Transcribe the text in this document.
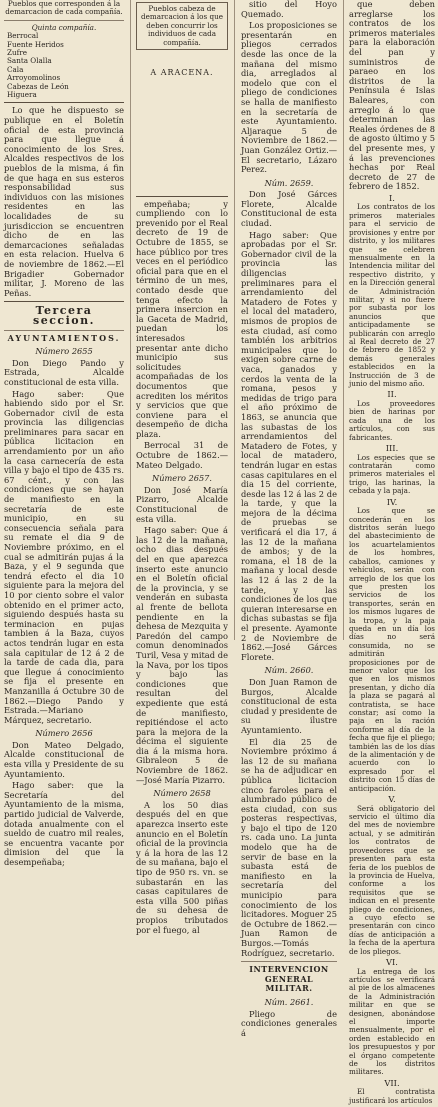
Pueblos que corresponden á la demarcacion de cada compañía.
Quinta compañía.
Berrocal
Fuente Heridos
Zufre
Santa Olalla
Cala
Arroyomolinos
Cabezas de León
Higuera

Lo que he dispuesto se publique en el Boletín oficial de esta provincia para que llegue á conocimiento de los Sres. Alcaldes respectivos de los pueblos de la misma, á fin de que haga en sus esteros responsabilidad sus individuos con las misiones residentes en las localidades de su jurisdiccion se encuentren dicho de en las demarcaciones señaladas en esta relacion. Huelva 6 de noviembre de 1862.—El Brigadier Gobernador militar, J. Moreno de las Peñas.

Tercera seccion.
AYUNTAMIENTOS.
Número 2655

Don Diego Pando y Estrada, Alcalde constitucional de esta villa.

Hago saber: Que habiendo sido por el Sr. Gobernador civil de esta provincia las diligencias preliminares para sacar en pública licitacion en arrendamiento por un año la casa carnecería de esta villa y bajo el tipo de 435 rs. 67 cént., y con las condiciones que se hayan de manifiesto en la secretaría de este municipio, en su consecuencia señala para su remate el dia 9 de Noviembre próximo, en el cual se admitirán pujas á la Baza, y el 9 segunda que tendrá efecto el dia 10 siguiente para la mejora del 10 por ciento sobre el valor obtenido en el primer acto, siguiendo después hasta su terminacion en pujas tambien á la Baza, cuyos actos tendrán lugar en esta sala capitular de 12 á 2 de la tarde de cada dia, para que llegue á conocimiento se fija el presente en Manzanilla á Octubre 30 de 1862.—Diego Pando y Estrada.—Mariano Márquez, secretario.

Número 2656

Don Mateo Delgado, Alcalde constitucional de esta villa y Presidente de su Ayuntamiento.

Hago saber: que la Secretaría del Ayuntamiento de la misma, partido judicial de Valverde, dotada anualmente con el sueldo de cuatro mil reales, se encuentra vacante por dimision del que la desempeñaba;

Pueblos cabeza de demarcacion á los que deben concurrir los individuos de cada compañía.
A ARACENA.

empeñaba; y cumpliendo con lo prevenido por el Real decreto de 19 de Octubre de 1855, se hace público por tres veces en el periódico oficial para que en el término de un mes, contado desde que tenga efecto la primera insercion en la Gaceta de Madrid, puedan los interesados presentar ante dicho municipio sus solicitudes acompañadas de los documentos que acrediten los méritos y servicios que que conviene para el desempeño de dicha plaza.

Berrocal 31 de Octubre de 1862.—Mateo Delgado.

Número 2657.

Don José María Pizarro, Alcalde Constitucional de esta villa.

Hago saber: Que á las 12 de la mañana, ocho dias después del en que aparezca inserto este anuncio en el Boletín oficial de la provincia, y se venderán en subasta al frente de bellota pendiente en la dehesa de Mezquita y Paredón del campo comun denominados Turil, Vesa y mitad de la Nava, por los tipos y bajo las condiciones que resultan del expediente que está de manifiesto, repitiéndose el acto para la mejora de la décima el siguiente dia á la misma hora. Gibraleon 5 de Noviembre de 1862.—José María Pizarro.

Número 2658

A los 50 dias después del en que aparezca inserto este anuncio en el Boletín oficial de la provincia y á la hora de las 12 de su mañana, bajo el tipo de 950 rs. vn. se subastarán en las casas capitulares de esta villa 500 piñas de su dehesa de propios tributados por el fuego, al

sitio del Hoyo Quemado.

Los proposiciones se presentarán en pliegos cerrados desde las once de la mañana del mismo dia, arreglados al modelo que con el pliego de condiciones se halla de manifiesto en la secretaría de este Ayuntamiento. Aljaraque 5 de Noviembre de 1862.—Juan González Ortiz.—El secretario, Lázaro Perez.

Núm. 2659.

Don José Gárces Florete, Alcalde Constitucional de esta ciudad.

Hago saber: Que aprobadas por el Sr. Gobernador civil de la provincia las diligencias preliminares para el arrendamiento del Matadero de Fotes y el local del matadero, mismos de propios de esta ciudad, así como también los arbitrios municipales que lo exigen sobre carne de vaca, ganados y cerdos la venta de la romana, pesos y medidas de trigo para el año próximo de 1863, se anuncia que las subastas de los arrendamientos del Matadero de Fotes, y local de matadero, tendrán lugar en estas casas capitulares en el dia 15 del corriente, desde las 12 á las 2 de la tarde, y que la mejora de la décima de pruebas se verificará el dia 17, á las 12 de la mañana de ambos; y de la romana, el 18 de la mañana y local desde las 12 á las 2 de la tarde, y las condiciones de los que quieran interesarse en dichas subastas se fija el presente. Ayamonte 2 de Noviembre de 1862.—José Gárces Florete.

Núm. 2660.

Don Juan Ramon de Burgos, Alcalde constitucional de esta ciudad y presidente de su ilustre Ayuntamiento.

El dia 25 de Noviembre próximo á las 12 de su mañana se ha de adjudicar en pública licitacion cinco faroles para el alumbrado público de esta ciudad, con sus posteras respectivas, y bajo el tipo de 120 rs. cada uno. La junta modelo que ha de servir de base en la subasta está de manifiesto en la secretaría del municipio para conocimiento de los licitadores. Moguer 25 de Octubre de 1862.—Juan Ramon de Burgos.—Tomás Rodríguez, secretario.

INTERVENCION GENERAL MILITAR.
Núm. 2661.

Pliego de condiciones generales á

que deben arreglarse los contratos de los primeros materiales para la elaboración del pan y suministros de paraeo en los distritos de la Península é Islas Baleares, con arreglo á lo que determinan las Reales órdenes de 8 de agosto último y 5 del presente mes, y á las prevenciones hechas por Real decreto de 27 de febrero de 1852.

I.

Los contratos de los primeros materiales para el servicio de provisiones y entre por distrito, y los militares que se celebren mensualmente en la Intendencia militar del respectivo distrito, y en la Dirección general de Administración militar, y si no fuere por subasta por los anuncios que anticipadamente se publicarán con arreglo al Real decreto de 27 de febrero de 1852 y demás generales establecidos en la Instrucción de 3 de junio del mismo año.

II.

Los proveedores bien de harinas por cada una de los artículos, con sus fabricantes.

III.

Los especies que se contratarán como primeros materiales el trigo, las harinas, la cebada y la paja.

IV.

Los que se concederán en los distritos serán luego del abastecimiento de los acuartelamientos de los hombres, caballos, camiones y vehículos, serán con arreglo de los que los que presten los servicios de los transportes, serán en los mismos lugares de la tropa, y la paja queda en un día los días no será consumida, no se admitirán proposiciones por de menor valor que los que en los mismos presentan, y dicho día la plaza se pagará al contratista, se hace constar; así como la paja en la ración conforme al día de la fecha que fije el pliego; también las de los días de la alimentación y de acuerdo con lo expresado por el distrito con 15 días de anticipación.

V.

Será obligatorio del servicio el último día del mes de noviembre actual, y se admitirán los contratos de proveedores que se presenten para esta feria de los pueblos de la provincia de Huelva, conforme a los requisitos que se indican en el presente pliego de condiciones, a cuyo efecto se presentarán con cinco días de anticipación a la fecha de la apertura de los pliegos.

VI.

La entrega de los artículos se verificará al pie de los almacenes de la Administración militar en que se designen, abonándose el importe mensualmente, por el orden establecido en los presupuestos y por el órgano competente de los distritos militares.

VII.

El contratista justificará los artículos
